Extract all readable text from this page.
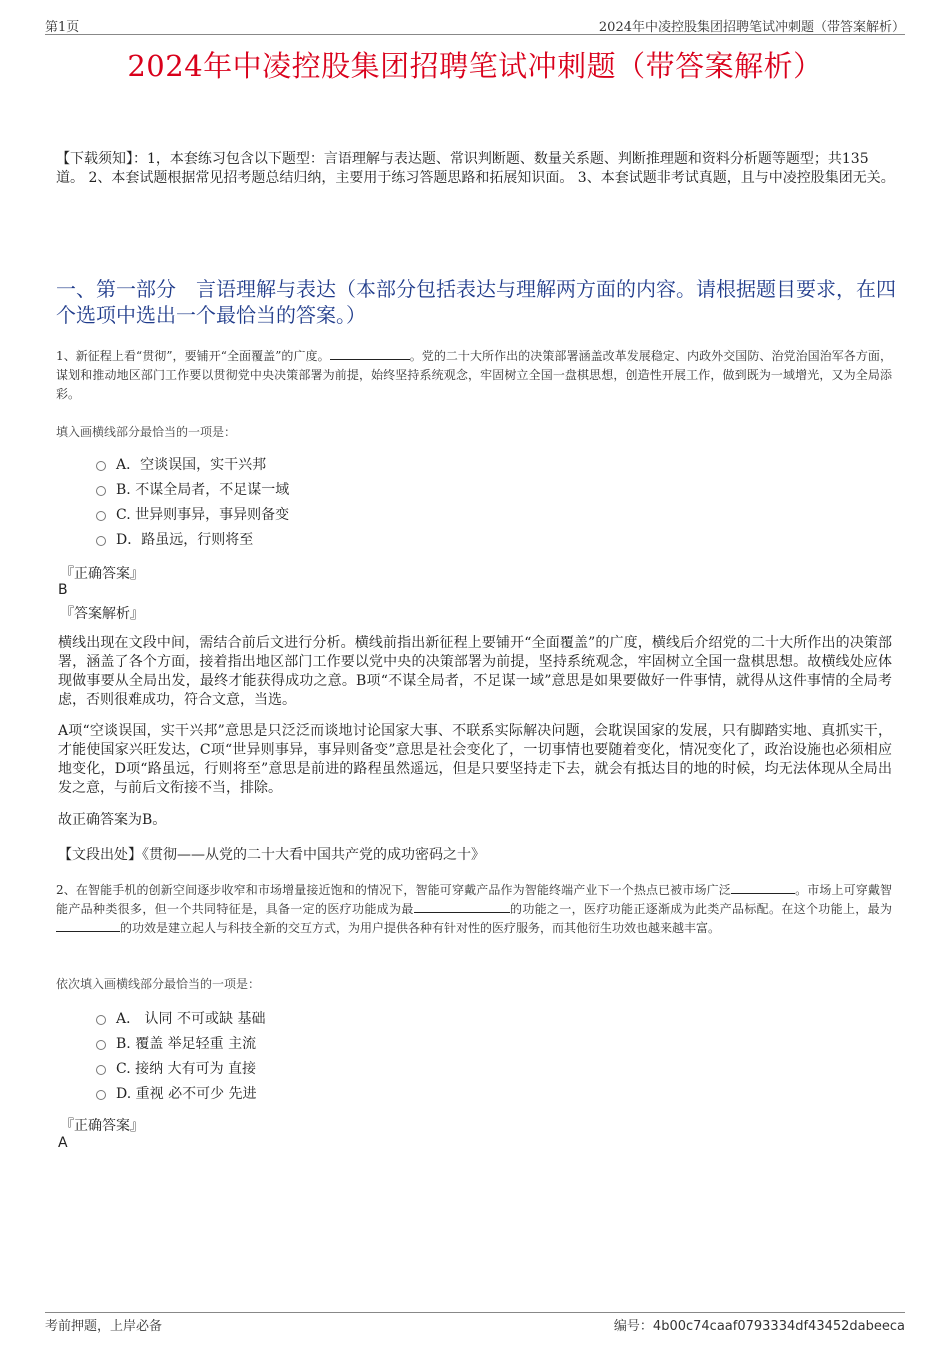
第1页	2024年中凌控股集团招聘笔试冲刺题（带答案解析）
2024年中凌控股集团招聘笔试冲刺题（带答案解析）
【下载须知】：1，本套练习包含以下题型：言语理解与表达题、常识判断题、数量关系题、判断推理题和资料分析题等题型；共135道。 2、本套试题根据常见招考题总结归纳，主要用于练习答题思路和拓展知识面。 3、本套试题非考试真题，且与中凌控股集团无关。
一、第一部分　言语理解与表达（本部分包括表达与理解两方面的内容。请根据题目要求，在四个选项中选出一个最恰当的答案。）
1、新征程上看“贯彻”，要铺开“全面覆盖”的广度。	。党的二十大所作出的决策部署涵盖改革发展稳定、内政外交国防、治党治国治军各方面，谋划和推动地区部门工作要以贯彻党中央决策部署为前提，始终坚持系统观念，牢固树立全国一盘棋思想，创造性开展工作，做到既为一域增光，又为全局添彩。
填入画横线部分最恰当的一项是：
A．空谈误国，实干兴邦
B. 不谋全局者，不足谋一域
C. 世异则事异，事异则备变
D．路虽远，行则将至
『正确答案』
B
『答案解析』
横线出现在文段中间，需结合前后文进行分析。横线前指出新征程上要铺开“全面覆盖”的广度，横线后介绍党的二十大所作出的决策部署，涵盖了各个方面，接着指出地区部门工作要以党中央的决策部署为前提，坚持系统观念，牢固树立全国一盘棋思想。故横线处应体现做事要从全局出发，最终才能获得成功之意。B项“不谋全局者，不足谋一域”意思是如果要做好一件事情，就得从这件事情的全局考虑，否则很难成功，符合文意，当选。
A项“空谈误国，实干兴邦”意思是只泛泛而谈地讨论国家大事、不联系实际解决问题，会耽误国家的发展，只有脚踏实地、真抓实干，才能使国家兴旺发达，C项“世异则事异，事异则备变”意思是社会变化了，一切事情也要随着变化，情况变化了，政治设施也必须相应地变化，D项“路虽远，行则将至”意思是前进的路程虽然遥远，但是只要坚持走下去，就会有抵达目的地的时候，均无法体现从全局出发之意，与前后文衔接不当，排除。
故正确答案为B。
【文段出处】《贯彻——从党的二十大看中国共产党的成功密码之十》
2、在智能手机的创新空间逐步收窄和市场增量接近饱和的情况下，智能可穿戴产品作为智能终端产业下一个热点已被市场广泛	。市场上可穿戴智能产品种类很多，但一个共同特征是，具备一定的医疗功能成为最	的功能之一，医疗功能正逐渐成为此类产品标配。在这个功能上，最为的功效是建立起人与科技全新的交互方式，为用户提供各种有针对性的医疗服务，而其他衍生功效也越来越丰富。
依次填入画横线部分最恰当的一项是：
A． 认同 不可或缺 基础
B. 覆盖 举足轻重 主流
C. 接纳 大有可为 直接
D. 重视 必不可少 先进
『正确答案』
A
考前押题，上岸必备	编号：4b00c74caaf0793334df43452dabeeca
